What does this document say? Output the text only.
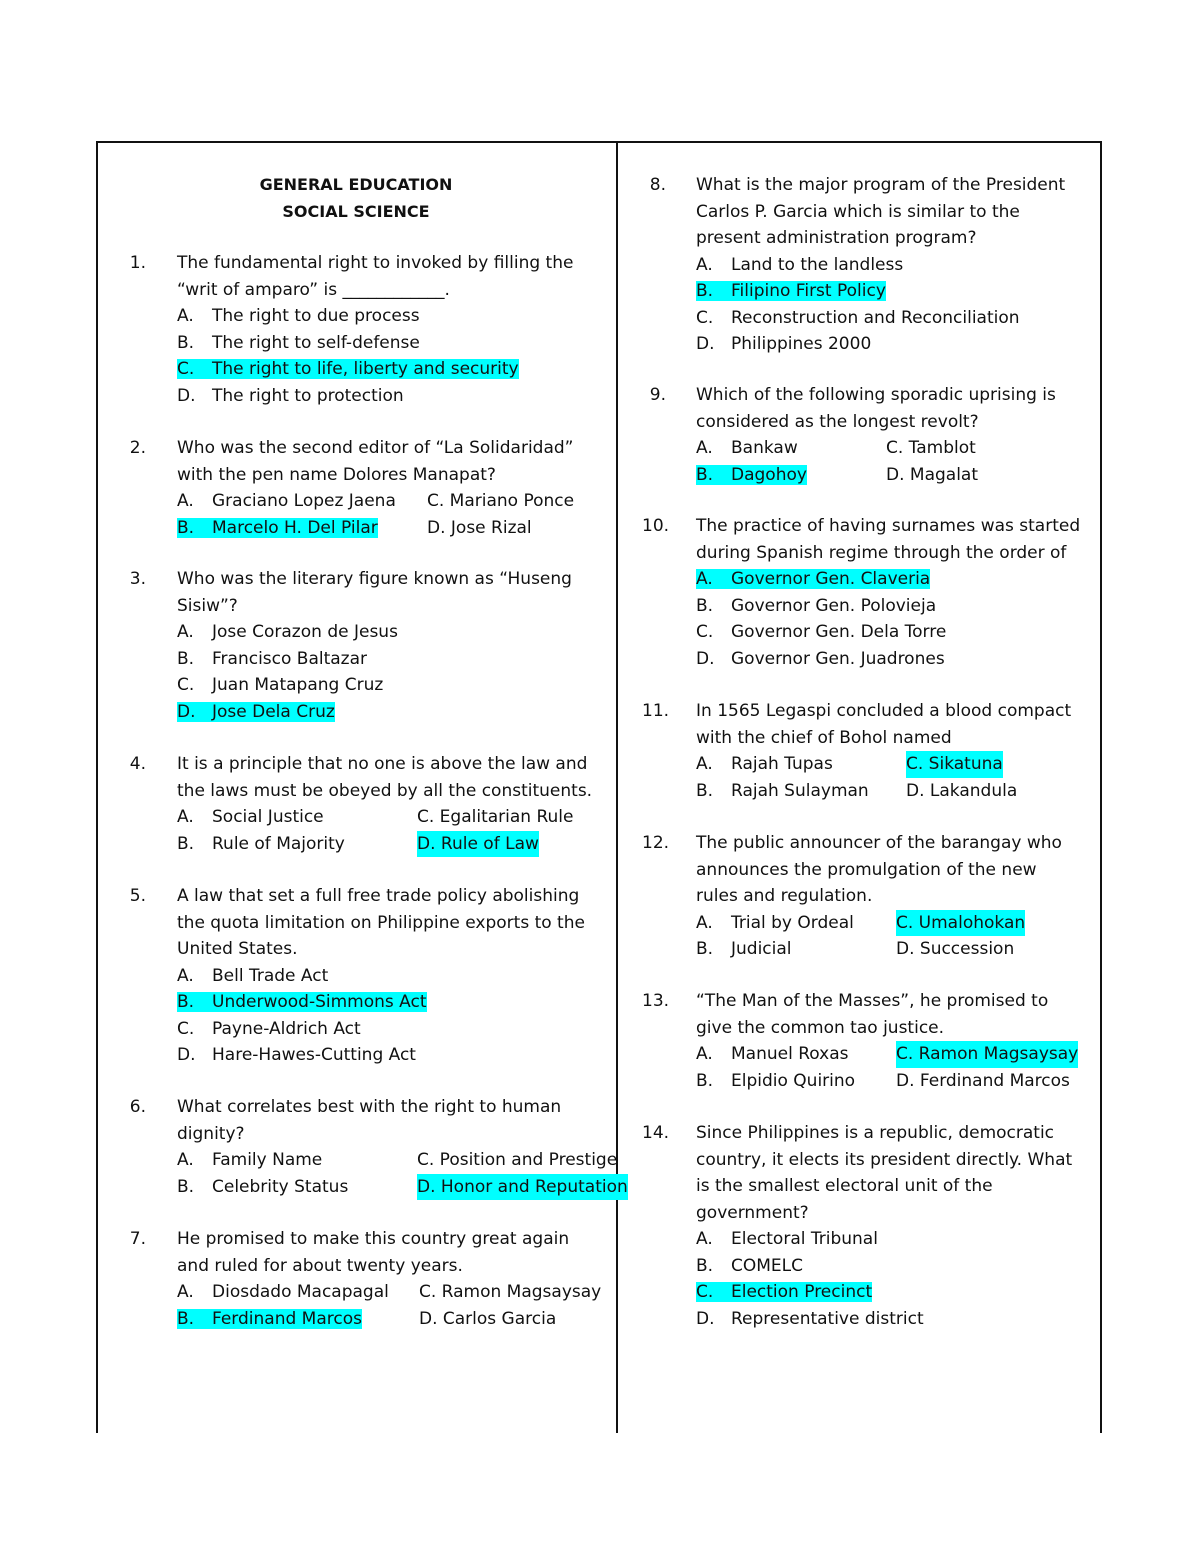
GENERAL EDUCATION
SOCIAL SCIENCE
1. The fundamental right to invoked by filling the
“writ of amparo” is ____________.
A. The right to due process
B. The right to self-defense
C. The right to life, liberty and security
D. The right to protection
2. Who was the second editor of “La Solidaridad”
with the pen name Dolores Manapat?
A. Graciano Lopez Jaena C. Mariano Ponce
B. Marcelo H. Del Pilar	D. Jose Rizal
3. Who was the literary figure known as “Huseng
Sisiw”?
A. Jose Corazon de Jesus
B. Francisco Baltazar
C. Juan Matapang Cruz
D. Jose Dela Cruz
4. It is a principle that no one is above the law and
the laws must be obeyed by all the constituents.
A. Social Justice	C. Egalitarian Rule
B. Rule of Majority	D. Rule of Law
5. A law that set a full free trade policy abolishing
the quota limitation on Philippine exports to the
United States.
A. Bell Trade Act
B. Underwood-Simmons Act
C. Payne-Aldrich Act
D. Hare-Hawes-Cutting Act
6. What correlates best with the right to human
dignity?
A. Family Name	C. Position and Prestige
B. Celebrity Status	D. Honor and Reputation
7. He promised to make this country great again
and ruled for about twenty years.
A. Diosdado Macapagal C. Ramon Magsaysay
B. Ferdinand Marcos	D. Carlos Garcia
8. What is the major program of the President
Carlos P. Garcia which is similar to the
present administration program?
A. Land to the landless
B. Filipino First Policy
C. Reconstruction and Reconciliation
D. Philippines 2000
9. Which of the following sporadic uprising is
considered as the longest revolt?
A. Bankaw	C. Tamblot
B. Dagohoy	D. Magalat
10. The practice of having surnames was started
during Spanish regime through the order of
A. Governor Gen. Claveria
B. Governor Gen. Polovieja
C. Governor Gen. Dela Torre
D. Governor Gen. Juadrones
11. In 1565 Legaspi concluded a blood compact
with the chief of Bohol named
A. Rajah Tupas	C. Sikatuna
B. Rajah Sulayman D. Lakandula
12. The public announcer of the barangay who
announces the promulgation of the new
rules and regulation.
A. Trial by Ordeal C. Umalohokan
B. Judicial	D. Succession
13. “The Man of the Masses”, he promised to
give the common tao justice.
A. Manuel Roxas	C. Ramon Magsaysay
B. Elpidio Quirino D. Ferdinand Marcos
14. Since Philippines is a republic, democratic
country, it elects its president directly. What
is the smallest electoral unit of the
government?
A. Electoral Tribunal
B. COMELC
C. Election Precinct
D. Representative district
